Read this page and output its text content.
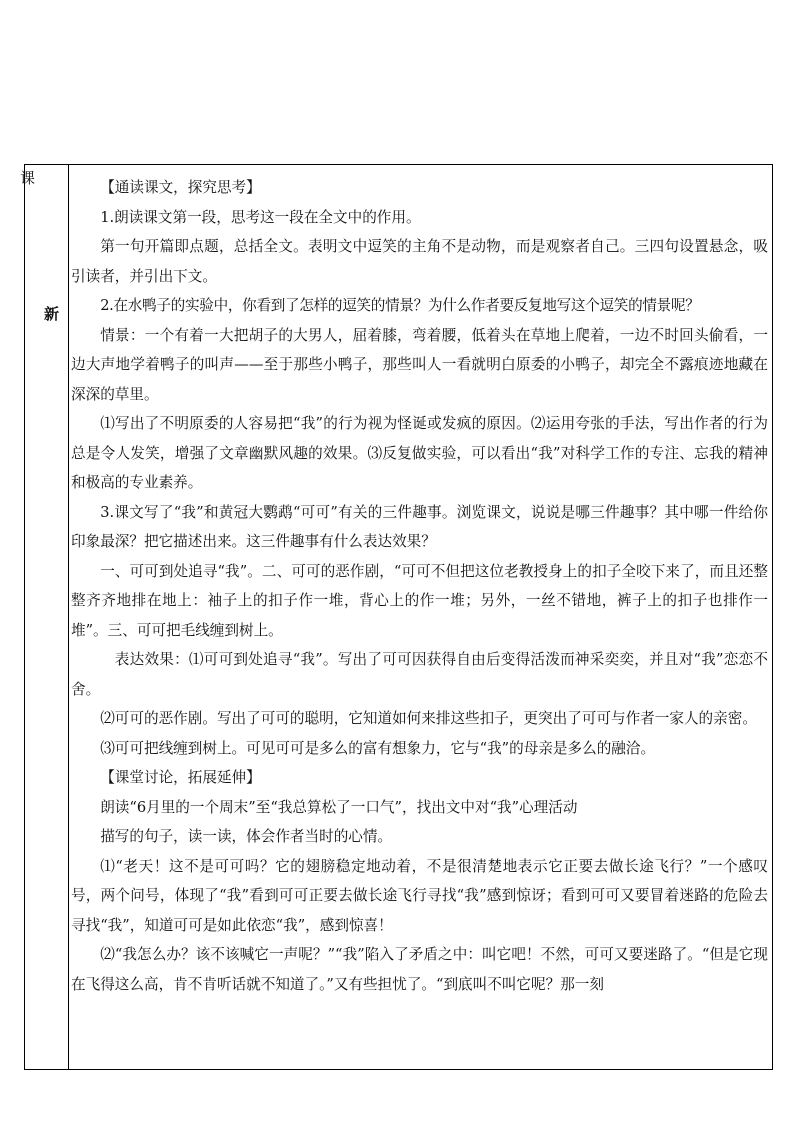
课
新

【通读课文，探究思考】

1.朗读课文第一段，思考这一段在全文中的作用。

第一句开篇即点题，总括全文。表明文中逗笑的主角不是动物，而是观察者自己。三四句设置悬念，吸引读者，并引出下文。

2.在水鸭子的实验中，你看到了怎样的逗笑的情景？为什么作者要反复地写这个逗笑的情景呢？

情景：一个有着一大把胡子的大男人，屈着膝，弯着腰，低着头在草地上爬着，一边不时回头偷看，一边大声地学着鸭子的叫声——至于那些小鸭子，那些叫人一看就明白原委的小鸭子，却完全不露痕迹地藏在深深的草里。

⑴写出了不明原委的人容易把“我”的行为视为怪诞或发疯的原因。⑵运用夸张的手法，写出作者的行为总是令人发笑，增强了文章幽默风趣的效果。⑶反复做实验，可以看出“我”对科学工作的专注、忘我的精神和极高的专业素养。

3.课文写了“我”和黄冠大鹦鹉“可可”有关的三件趣事。浏览课文，说说是哪三件趣事？其中哪一件给你印象最深？把它描述出来。这三件趣事有什么表达效果？

一、可可到处追寻“我”。二、可可的恶作剧，“可可不但把这位老教授身上的扣子全咬下来了，而且还整整齐齐地排在地上：袖子上的扣子作一堆，背心上的作一堆；另外，一丝不错地，裤子上的扣子也排作一堆”。三、可可把毛线缠到树上。

表达效果：⑴可可到处追寻“我”。写出了可可因获得自由后变得活泼而神采奕奕，并且对“我”恋恋不舍。

⑵可可的恶作剧。写出了可可的聪明，它知道如何来排这些扣子，更突出了可可与作者一家人的亲密。

⑶可可把线缠到树上。可见可可是多么的富有想象力，它与“我”的母亲是多么的融洽。

【课堂讨论，拓展延伸】

朗读“6月里的一个周末”至“我总算松了一口气”，找出文中对“我”心理活动

描写的句子，读一读，体会作者当时的心情。

⑴“老天！这不是可可吗？它的翅膀稳定地动着，不是很清楚地表示它正要去做长途飞行？”一个感叹号，两个问号，体现了“我”看到可可正要去做长途飞行寻找“我”感到惊讶；看到可可又要冒着迷路的危险去寻找“我”，知道可可是如此依恋“我”，感到惊喜！

⑵“我怎么办？该不该喊它一声呢？”“我”陷入了矛盾之中：叫它吧！不然，可可又要迷路了。“但是它现在飞得这么高，肯不肯听话就不知道了。”又有些担忧了。“到底叫不叫它呢？那一刻
